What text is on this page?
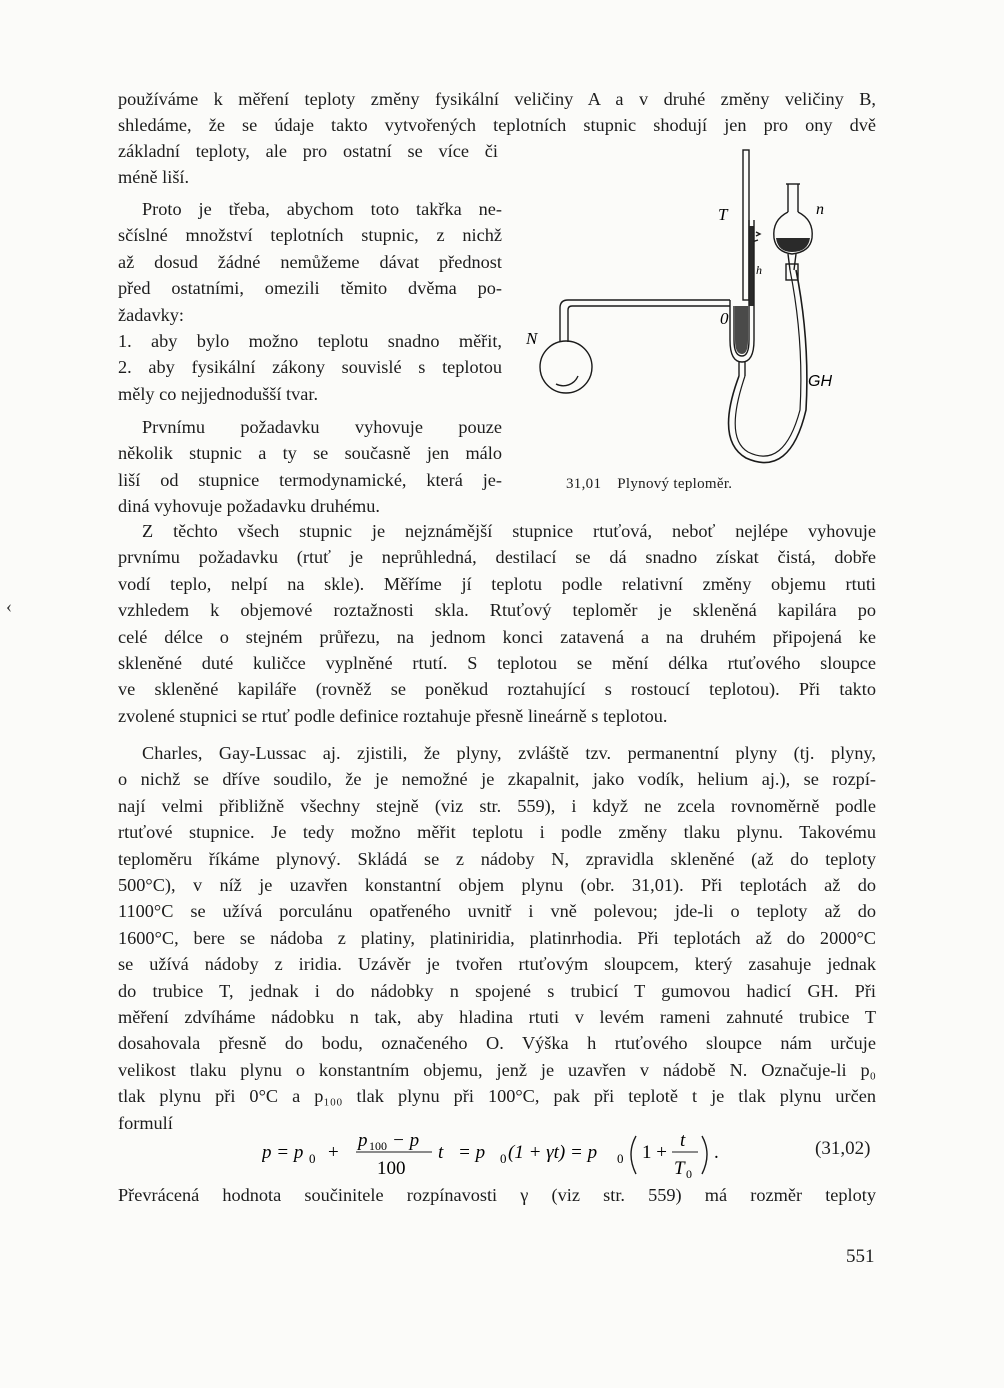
‹
používáme k měření teploty změny fysikální veličiny A a v druhé změny veličiny B,
shledáme, že se údaje takto vytvořených teplotních stupnic shodují jen pro ony dvě
základní teploty, ale pro ostatní se více či
méně liší.
Proto je třeba, abychom toto takřka ne-
sčíslné množství teplotních stupnic, z nichž
až dosud žádné nemůžeme dávat přednost
před ostatními, omezili těmito dvěma po-
žadavky:
1. aby bylo možno teplotu snadno měřit,
2. aby fysikální zákony souvislé s teplotou
měly co nejjednodušší tvar.
Prvnímu požadavku vyhovuje pouze
několik stupnic a ty se současně jen málo
liší od stupnice termodynamické, která je-
diná vyhovuje požadavku druhému.
T	n
h
0
N
GH
31,01 Plynový teploměr.
Z těchto všech stupnic je nejznámější stupnice rtuťová, neboť nejlépe vyhovuje
prvnímu požadavku (rtuť je neprůhledná, destilací se dá snadno získat čistá, dobře
vodí teplo, nelpí na skle). Měříme jí teplotu podle relativní změny objemu rtuti
vzhledem k objemové roztažnosti skla. Rtuťový teploměr je skleněná kapilára po
celé délce o stejném průřezu, na jednom konci zatavená a na druhém připojená ke
skleněné duté kuličce vyplněné rtutí. S teplotou se mění délka rtuťového sloupce
ve skleněné kapiláře (rovněž se poněkud roztahující s rostoucí teplotou). Při takto
zvolené stupnici se rtuť podle definice roztahuje přesně lineárně s teplotou.
Charles, Gay-Lussac aj. zjistili, že plyny, zvláště tzv. permanentní plyny (tj. plyny,
o nichž se dříve soudilo, že je nemožné je zkapalnit, jako vodík, helium aj.), se rozpí-
nají velmi přibližně všechny stejně (viz str. 559), i když ne zcela rovnoměrně podle
rtuťové stupnice. Je tedy možno měřit teplotu i podle změny tlaku plynu. Takovému
teploměru říkáme plynový. Skládá se z nádoby N, zpravidla skleněné (až do teploty
500°C), v níž je uzavřen konstantní objem plynu (obr. 31,01). Při teplotách až do
1100°C se užívá porculánu opatřeného uvnitř i vně polevou; jde-li o teploty až do
1600°C, bere se nádoba z platiny, platiniridia, platinrhodia. Při teplotách až do 2000°C
se užívá nádoby z iridia. Uzávěr je tvořen rtuťovým sloupcem, který zasahuje jednak
do trubice T, jednak i do nádobky n spojené s trubicí T gumovou hadicí GH. Při
měření zdvíháme nádobku n tak, aby hladina rtuti v levém rameni zahnuté trubice T
dosahovala přesně do bodu, označeného O. Výška h rtuťového sloupce nám určuje
velikost tlaku plynu o konstantním objemu, jenž je uzavřen v nádobě N. Označuje-li p₀
tlak plynu při 0°C a p₁₀₀ tlak plynu při 100°C, pak při teplotě t je tlak plynu určen
formulí
p = p 0 +
p 100 − p
100
t = p 0 (1 + γt) = p 0 1 +
t
T 0
.	(31,02)
Převrácená hodnota součinitele rozpínavosti γ (viz str. 559) má rozměr teploty
551
